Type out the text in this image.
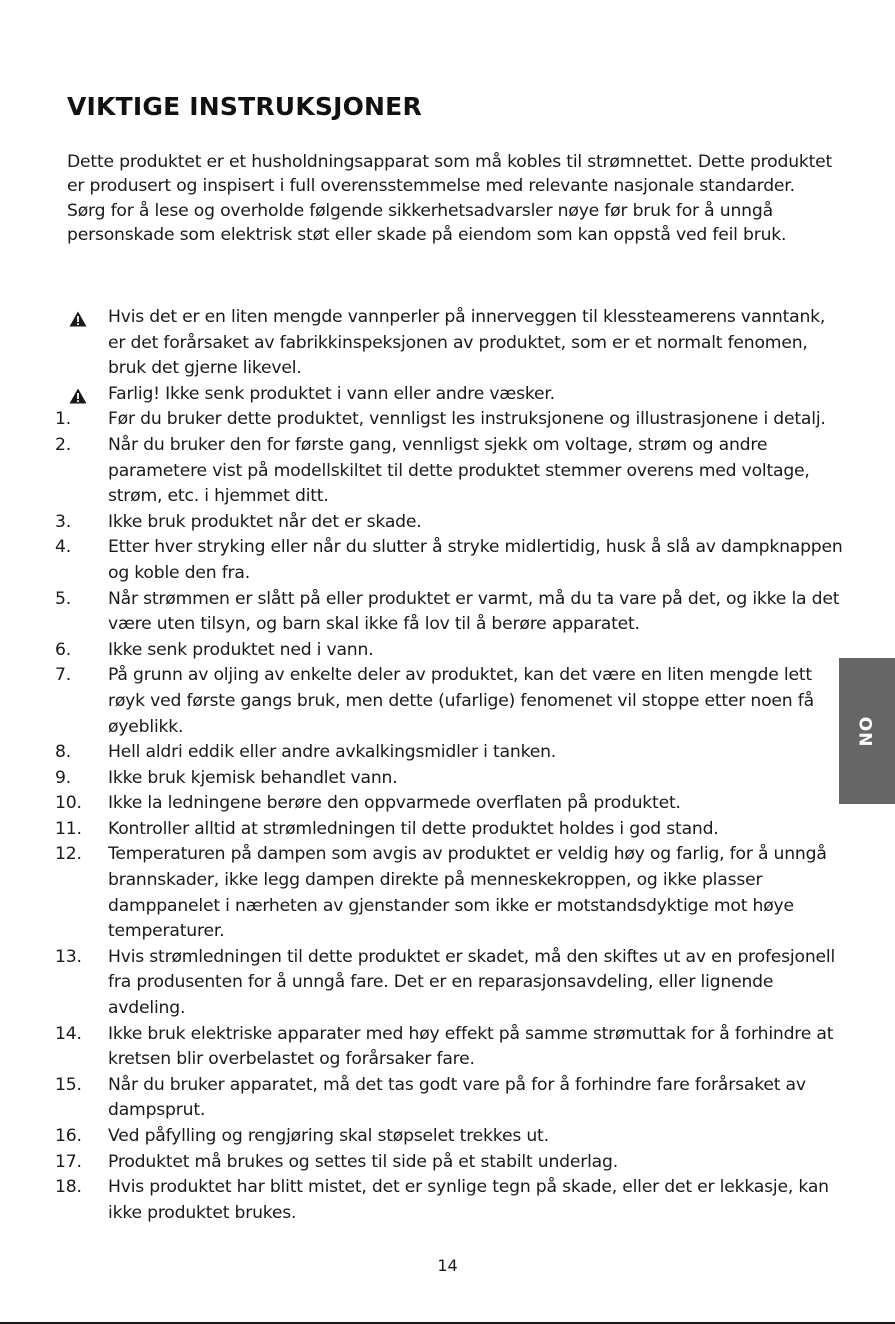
VIKTIGE INSTRUKSJONER

Dette produktet er et husholdningsapparat som må kobles til strømnettet. Dette produktet er produsert og inspisert i full overensstemmelse med relevante nasjonale standarder. Sørg for å lese og overholde følgende sikkerhetsadvarsler nøye før bruk for å unngå personskade som elektrisk støt eller skade på eiendom som kan oppstå ved feil bruk.

Hvis det er en liten mengde vannperler på innerveggen til klessteamerens vanntank, er det forårsaket av fabrikkinspeksjonen av produktet, som er et normalt fenomen, bruk det gjerne likevel.
Farlig! Ikke senk produktet i vann eller andre væsker.
1.	Før du bruker dette produktet, vennligst les instruksjonene og illustrasjonene i detalj.
2.	Når du bruker den for første gang, vennligst sjekk om voltage, strøm og andre parametere vist på modellskiltet til dette produktet stemmer overens med voltage, strøm, etc. i hjemmet ditt.
3.	Ikke bruk produktet når det er skade.
4.	Etter hver stryking eller når du slutter å stryke midlertidig, husk å slå av dampknappen og koble den fra.
5.	Når strømmen er slått på eller produktet er varmt, må du ta vare på det, og ikke la det være uten tilsyn, og barn skal ikke få lov til å berøre apparatet.
6.	Ikke senk produktet ned i vann.
7.	På grunn av oljing av enkelte deler av produktet, kan det være en liten mengde lett røyk ved første gangs bruk, men dette (ufarlige) fenomenet vil stoppe etter noen få øyeblikk.
8.	Hell aldri eddik eller andre avkalkingsmidler i tanken.
9.	Ikke bruk kjemisk behandlet vann.
10.	Ikke la ledningene berøre den oppvarmede overflaten på produktet.
11.	Kontroller alltid at strømledningen til dette produktet holdes i god stand.
12.	Temperaturen på dampen som avgis av produktet er veldig høy og farlig, for å unngå brannskader, ikke legg dampen direkte på menneskekroppen, og ikke plasser damppanelet i nærheten av gjenstander som ikke er motstandsdyktige mot høye temperaturer.
13.	Hvis strømledningen til dette produktet er skadet, må den skiftes ut av en profesjonell fra produsenten for å unngå fare. Det er en reparasjonsavdeling, eller lignende avdeling.
14.	Ikke bruk elektriske apparater med høy effekt på samme strømuttak for å forhindre at kretsen blir overbelastet og forårsaker fare.
15.	Når du bruker apparatet, må det tas godt vare på for å forhindre fare forårsaket av dampsprut.
16.	Ved påfylling og rengjøring skal støpselet trekkes ut.
17.	Produktet må brukes og settes til side på et stabilt underlag.
18.	Hvis produktet har blitt mistet, det er synlige tegn på skade, eller det er lekkasje, kan ikke produktet brukes.
NO
14
